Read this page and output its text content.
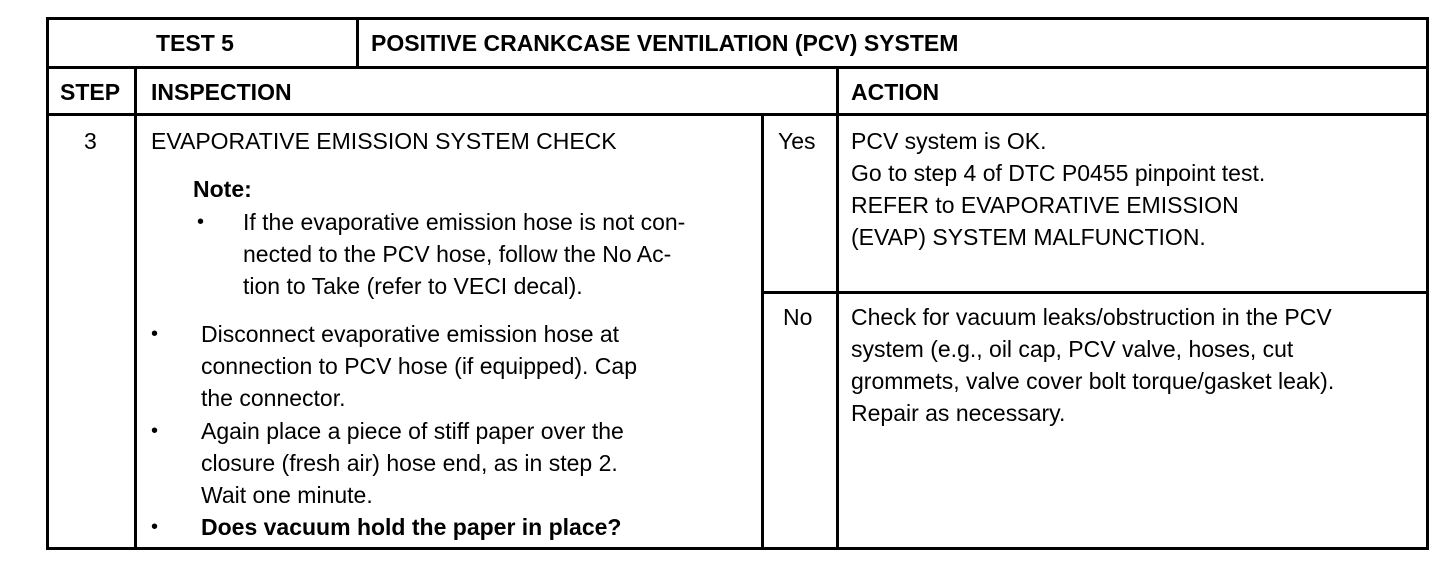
TEST 5	POSITIVE CRANKCASE VENTILATION (PCV) SYSTEM
STEP INSPECTION	ACTION
3 EVAPORATIVE EMISSION SYSTEM CHECK
Note:
• If the evaporative emission hose is not con-
nected to the PCV hose, follow the No Ac-
tion to Take (refer to VECI decal).
• Disconnect evaporative emission hose at
connection to PCV hose (if equipped). Cap
the connector.
• Again place a piece of stiff paper over the
closure (fresh air) hose end, as in step 2.
Wait one minute.
• Does vacuum hold the paper in place?
Yes
No
PCV system is OK.
Go to step 4 of DTC P0455 pinpoint test.
REFER to EVAPORATIVE EMISSION
(EVAP) SYSTEM MALFUNCTION.
Check for vacuum leaks/obstruction in the PCV
system (e.g., oil cap, PCV valve, hoses, cut
grommets, valve cover bolt torque/gasket leak).
Repair as necessary.
